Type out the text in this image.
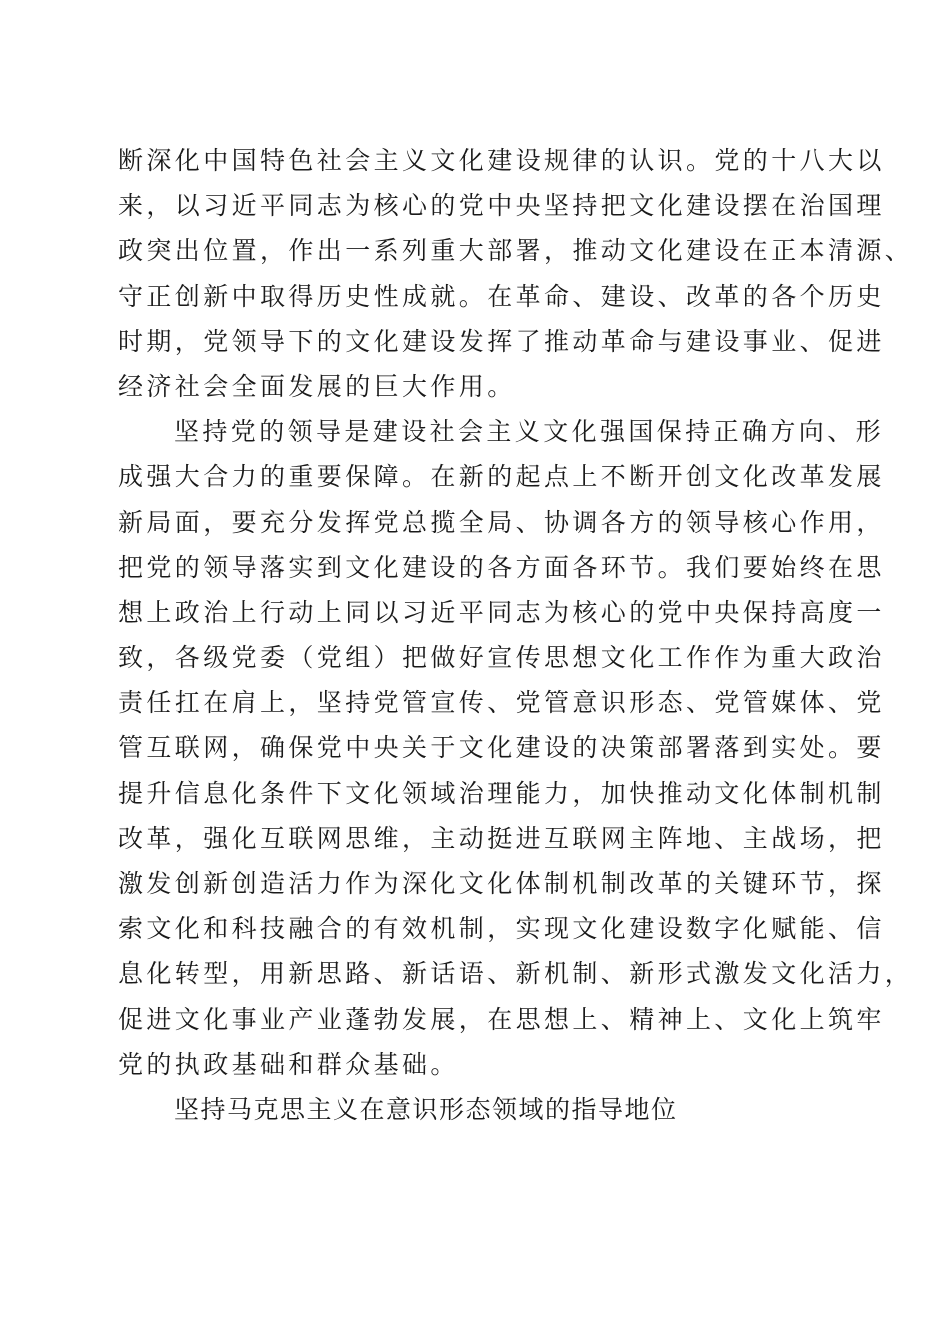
断深化中国特色社会主义文化建设规律的认识。党的十八大以
来，以习近平同志为核心的党中央坚持把文化建设摆在治国理
政突出位置，作出一系列重大部署，推动文化建设在正本清源、
守正创新中取得历史性成就。在革命、建设、改革的各个历史
时期，党领导下的文化建设发挥了推动革命与建设事业、促进
经济社会全面发展的巨大作用。
坚持党的领导是建设社会主义文化强国保持正确方向、形
成强大合力的重要保障。在新的起点上不断开创文化改革发展
新局面，要充分发挥党总揽全局、协调各方的领导核心作用，
把党的领导落实到文化建设的各方面各环节。我们要始终在思
想上政治上行动上同以习近平同志为核心的党中央保持高度一
致，各级党委（党组）把做好宣传思想文化工作作为重大政治
责任扛在肩上，坚持党管宣传、党管意识形态、党管媒体、党
管互联网，确保党中央关于文化建设的决策部署落到实处。要
提升信息化条件下文化领域治理能力，加快推动文化体制机制
改革，强化互联网思维，主动挺进互联网主阵地、主战场，把
激发创新创造活力作为深化文化体制机制改革的关键环节，探
索文化和科技融合的有效机制，实现文化建设数字化赋能、信
息化转型，用新思路、新话语、新机制、新形式激发文化活力，
促进文化事业产业蓬勃发展，在思想上、精神上、文化上筑牢
党的执政基础和群众基础。
坚持马克思主义在意识形态领域的指导地位
